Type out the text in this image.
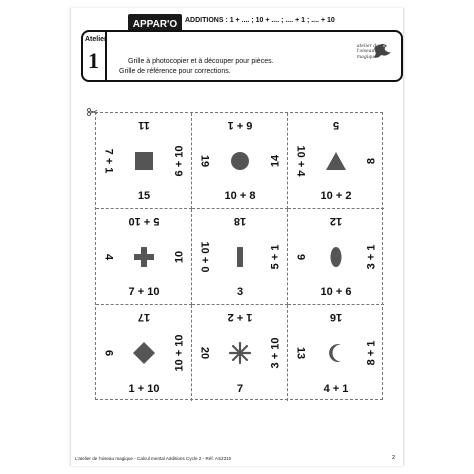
APPAR'O ADDITIONS : 1 + .... ; 10 + .... ; .... + 1 ; .... + 10
Atelier
1	Grille à photocopier et à découper pour pièces.
Grille de référence pour corrections.
atelier de
l'oiseau
magique
11
7 + 1	6 + 10
15
6 + 1
19	14
10 + 8
5
10 + 4	8
10 + 2
5 + 10
4	10
7 + 10
18
10 + 0	5 + 1
3
12
9	3 + 1
10 + 6
17
6	10 + 10
1 + 10
1 + 2
20	3 + 10
7
16
13	8 + 1
4 + 1
L'atelier de l'oiseau magique - Calcul mental Additions Cycle 2 - Réf. AS2310	2
